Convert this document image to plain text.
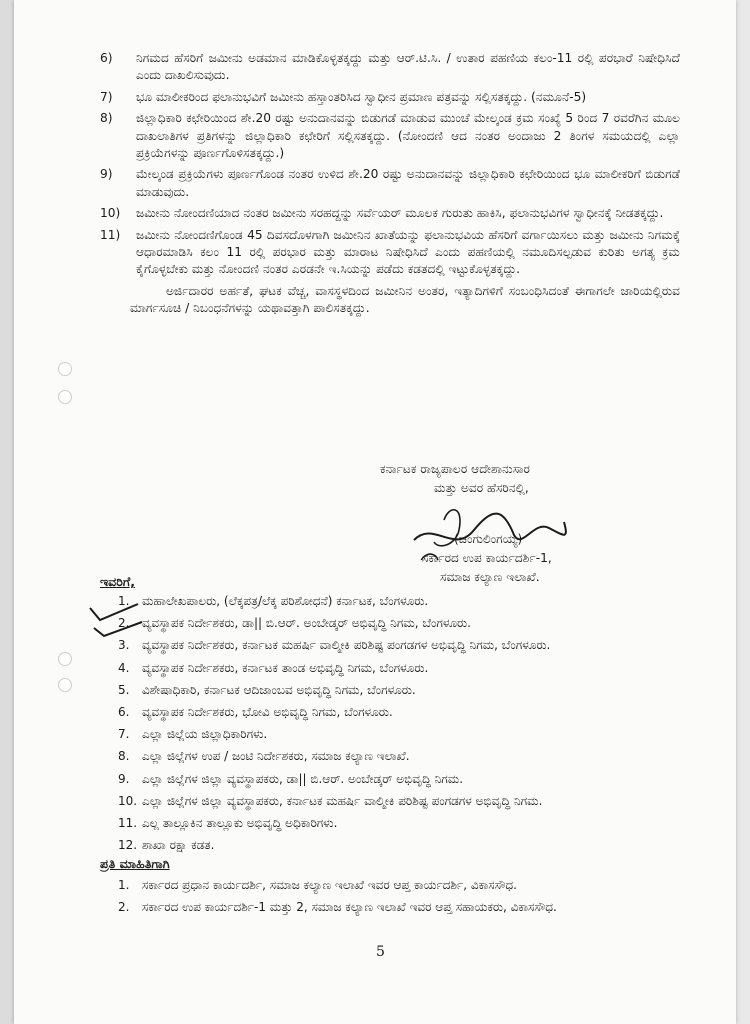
6) ನಿಗಮದ ಹೆಸರಿಗೆ ಜಮೀನು ಅಡಮಾನ ಮಾಡಿಕೊಳ್ಳತಕ್ಕದ್ದು ಮತ್ತು ಆರ್.ಟಿ.ಸಿ. / ಉತಾರ ಪಹಣಿಯ ಕಲಂ-11 ರಲ್ಲಿ ಪರಭಾರೆ ನಿಷೇಧಿಸಿದೆ ಎಂದು ದಾಖಲಿಸುವುದು.
7) ಭೂ ಮಾಲೀಕರಿಂದ ಫಲಾನುಭವಿಗೆ ಜಮೀನು ಹಸ್ತಾಂತರಿಸಿದ ಸ್ವಾಧೀನ ಪ್ರಮಾಣ ಪತ್ರವನ್ನು ಸಲ್ಲಿಸತಕ್ಕದ್ದು. (ನಮೂನೆ-5)
8) ಜಿಲ್ಲಾಧಿಕಾರಿ ಕಛೇರಿಯಿಂದ ಶೇ.20 ರಷ್ಟು ಅನುದಾನವನ್ನು ಬಿಡುಗಡೆ ಮಾಡುವ ಮುಂಚೆ ಮೇಲ್ಕಂಡ ಕ್ರಮ ಸಂಖ್ಯೆ 5 ರಿಂದ 7 ರವರೆಗಿನ ಮೂಲ ದಾಖಲಾತಿಗಳ ಪ್ರತಿಗಳನ್ನು ಜಿಲ್ಲಾಧಿಕಾರಿ ಕಛೇರಿಗೆ ಸಲ್ಲಿಸತಕ್ಕದ್ದು. (ನೋಂದಣಿ ಆದ ನಂತರ ಅಂದಾಜು 2 ತಿಂಗಳ ಸಮಯದಲ್ಲಿ ಎಲ್ಲಾ ಪ್ರಕ್ರಿಯೆಗಳನ್ನು ಪೂರ್ಣಗೊಳಿಸತಕ್ಕದ್ದು.)
9) ಮೇಲ್ಕಂಡ ಪ್ರಕ್ರಿಯೆಗಳು ಪೂರ್ಣಗೊಂಡ ನಂತರ ಉಳಿದ ಶೇ.20 ರಷ್ಟು ಅನುದಾನವನ್ನು ಜಿಲ್ಲಾಧಿಕಾರಿ ಕಛೇರಿಯಿಂದ ಭೂ ಮಾಲೀಕರಿಗೆ ಬಿಡುಗಡೆ ಮಾಡುವುದು.
10) ಜಮೀನು ನೋಂದಣಿಯಾದ ನಂತರ ಜಮೀನು ಸರಹದ್ದನ್ನು ಸರ್ವೆಯರ್ ಮೂಲಕ ಗುರುತು ಹಾಕಿಸಿ, ಫಲಾನುಭವಿಗಳ ಸ್ವಾಧೀನಕ್ಕೆ ನೀಡತಕ್ಕದ್ದು.
11) ಜಮೀನು ನೋಂದಣಿಗೊಂಡ 45 ದಿವಸದೊಳಗಾಗಿ ಜಮೀನಿನ ಖಾತೆಯನ್ನು ಫಲಾನುಭವಿಯ ಹೆಸರಿಗೆ ವರ್ಗಾಯಿಸಲು ಮತ್ತು ಜಮೀನು ನಿಗಮಕ್ಕೆ ಆಧಾರಮಾಡಿಸಿ ಕಲಂ 11 ರಲ್ಲಿ ಪರಭಾರ ಮತ್ತು ಮಾರಾಟ ನಿಷೇಧಿಸಿದೆ ಎಂದು ಪಹಣಿಯಲ್ಲಿ ನಮೂದಿಸಲ್ಪಡುವ ಕುರಿತು ಅಗತ್ಯ ಕ್ರಮ ಕೈಗೊಳ್ಳಬೇಕು ಮತ್ತು ನೋಂದಣಿ ನಂತರ ಎರಡನೇ ಇ.ಸಿಯನ್ನು ಪಡೆದು ಕಡತದಲ್ಲಿ ಇಟ್ಟುಕೊಳ್ಳತಕ್ಕದ್ದು.

ಅರ್ಜಿದಾರರ ಅರ್ಹತೆ, ಘಟಕ ವೆಚ್ಚ, ವಾಸಸ್ಥಳದಿಂದ ಜಮೀನಿನ ಅಂತರ, ಇತ್ಯಾದಿಗಳಿಗೆ ಸಂಬಂಧಿಸಿದಂತೆ ಈಗಾಗಲೇ ಜಾರಿಯಲ್ಲಿರುವ ಮಾರ್ಗಸೂಚಿ / ನಿಬಂಧನೆಗಳನ್ನು ಯಥಾವತ್ತಾಗಿ ಪಾಲಿಸತಕ್ಕದ್ದು.

ಕರ್ನಾಟಕ ರಾಜ್ಯಪಾಲರ ಆದೇಶಾನುಸಾರ
ಮತ್ತು ಅವರ ಹೆಸರಿನಲ್ಲಿ,
(ಚಂಗುಲಿಂಗಯ್ಯ)
ಸರ್ಕಾರದ ಉಪ ಕಾರ್ಯದರ್ಶಿ-1,
ಸಮಾಜ ಕಲ್ಯಾಣ ಇಲಾಖೆ.
ಇವರಿಗೆ,
1. ಮಹಾಲೇಖಪಾಲರು, (ಲೆಕ್ಕಪತ್ರ/ಲೆಕ್ಕ ಪರಿಶೋಧನೆ) ಕರ್ನಾಟಕ, ಬೆಂಗಳೂರು.
2. ವ್ಯವಸ್ಥಾಪಕ ನಿರ್ದೇಶಕರು, ಡಾ|| ಬಿ.ಆರ್. ಅಂಬೇಡ್ಕರ್ ಅಭಿವೃದ್ಧಿ ನಿಗಮ, ಬೆಂಗಳೂರು.
3. ವ್ಯವಸ್ಥಾಪಕ ನಿರ್ದೇಶಕರು, ಕರ್ನಾಟಕ ಮಹರ್ಷಿ ವಾಲ್ಮೀಕಿ ಪರಿಶಿಷ್ಟ ಪಂಗಡಗಳ ಅಭಿವೃದ್ಧಿ ನಿಗಮ, ಬೆಂಗಳೂರು.
4. ವ್ಯವಸ್ಥಾಪಕ ನಿರ್ದೇಶಕರು, ಕರ್ನಾಟಕ ತಾಂಡ ಅಭಿವೃದ್ಧಿ ನಿಗಮ, ಬೆಂಗಳೂರು.
5. ವಿಶೇಷಾಧಿಕಾರಿ, ಕರ್ನಾಟಕ ಆದಿಜಾಂಬವ ಅಭಿವೃದ್ಧಿ ನಿಗಮ, ಬೆಂಗಳೂರು.
6. ವ್ಯವಸ್ಥಾಪಕ ನಿರ್ದೇಶಕರು, ಭೋವಿ ಅಭಿವೃದ್ಧಿ ನಿಗಮ, ಬೆಂಗಳೂರು.
7. ಎಲ್ಲಾ ಜಿಲ್ಲೆಯ ಜಿಲ್ಲಾಧಿಕಾರಿಗಳು.
8. ಎಲ್ಲಾ ಜಿಲ್ಲೆಗಳ ಉಪ / ಜಂಟಿ ನಿರ್ದೇಶಕರು, ಸಮಾಜ ಕಲ್ಯಾಣ ಇಲಾಖೆ.
9. ಎಲ್ಲಾ ಜಿಲ್ಲೆಗಳ ಜಿಲ್ಲಾ ವ್ಯವಸ್ಥಾಪಕರು, ಡಾ|| ಬಿ.ಆರ್. ಅಂಬೇಡ್ಕರ್ ಅಭಿವೃದ್ಧಿ ನಿಗಮ.
10. ಎಲ್ಲಾ ಜಿಲ್ಲೆಗಳ ಜಿಲ್ಲಾ ವ್ಯವಸ್ಥಾಪಕರು, ಕರ್ನಾಟಕ ಮಹರ್ಷಿ ವಾಲ್ಮೀಕಿ ಪರಿಶಿಷ್ಟ ಪಂಗಡಗಳ ಅಭಿವೃದ್ಧಿ ನಿಗಮ.
11. ಎಲ್ಲ ತಾಲ್ಲೂಕಿನ ತಾಲ್ಲೂಕು ಅಭಿವೃದ್ಧಿ ಅಧಿಕಾರಿಗಳು.
12. ಶಾಖಾ ರಕ್ಷಾ ಕಡತ.
ಪ್ರತಿ ಮಾಹಿತಿಗಾಗಿ
1. ಸರ್ಕಾರದ ಪ್ರಧಾನ ಕಾರ್ಯದರ್ಶಿ, ಸಮಾಜ ಕಲ್ಯಾಣ ಇಲಾಖೆ ಇವರ ಆಪ್ತ ಕಾರ್ಯದರ್ಶಿ, ವಿಕಾಸಸೌಧ.
2. ಸರ್ಕಾರದ ಉಪ ಕಾರ್ಯದರ್ಶಿ-1 ಮತ್ತು 2, ಸಮಾಜ ಕಲ್ಯಾಣ ಇಲಾಖೆ ಇವರ ಆಪ್ತ ಸಹಾಯಕರು, ವಿಕಾಸಸೌಧ.
5
